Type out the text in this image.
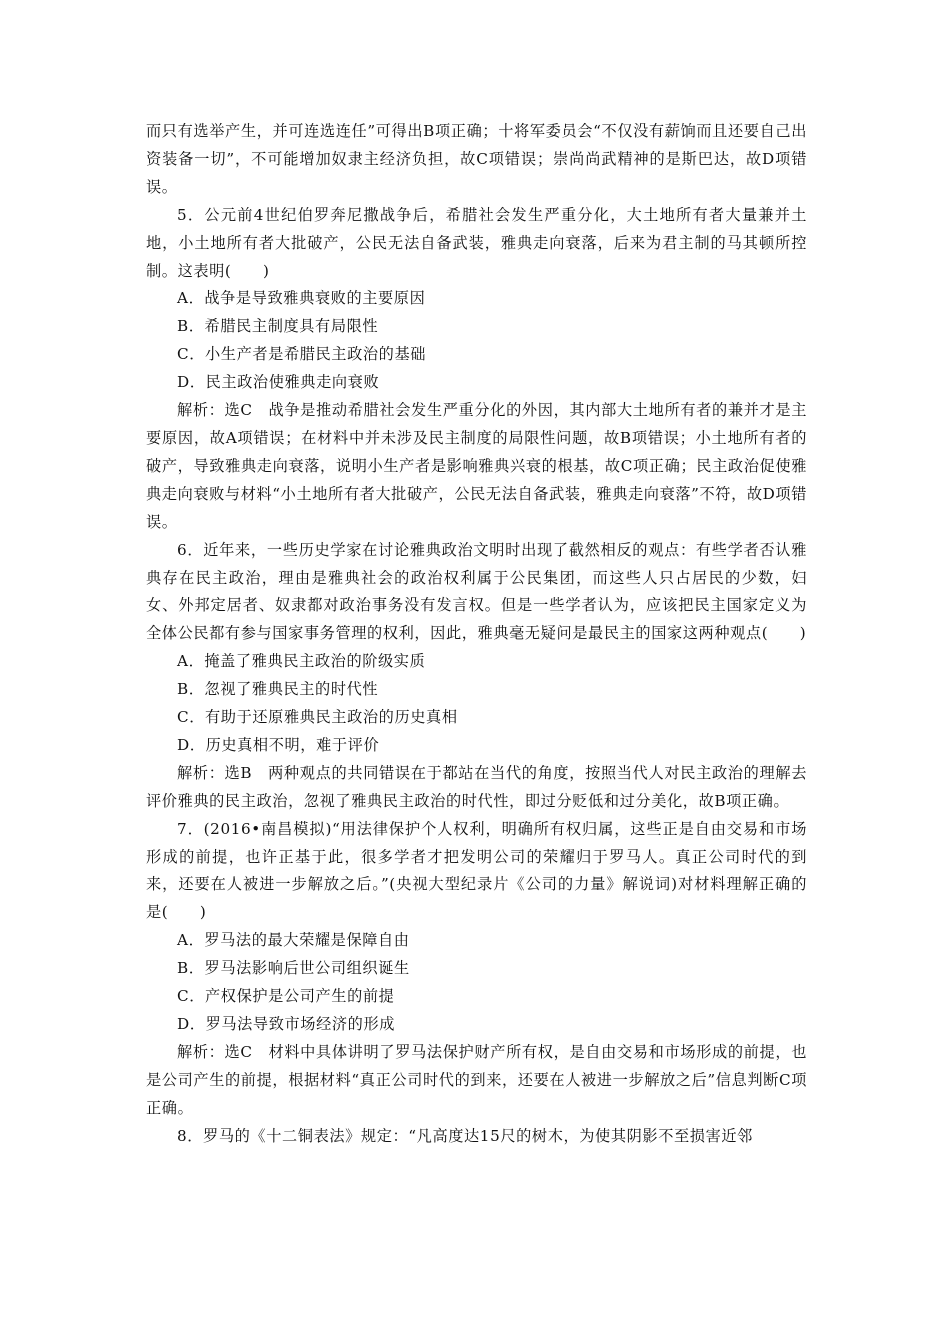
而只有选举产生，并可连选连任”可得出B项正确；十将军委员会“不仅没有薪饷而且还要自己出资装备一切”，不可能增加奴隶主经济负担，故C项错误；崇尚尚武精神的是斯巴达，故D项错误。

5．公元前4世纪伯罗奔尼撒战争后，希腊社会发生严重分化，大土地所有者大量兼并土地，小土地所有者大批破产，公民无法自备武装，雅典走向衰落，后来为君主制的马其顿所控制。这表明(　　)

A．战争是导致雅典衰败的主要原因

B．希腊民主制度具有局限性

C．小生产者是希腊民主政治的基础

D．民主政治使雅典走向衰败

解析：选C　战争是推动希腊社会发生严重分化的外因，其内部大土地所有者的兼并才是主要原因，故A项错误；在材料中并未涉及民主制度的局限性问题，故B项错误；小土地所有者的破产，导致雅典走向衰落，说明小生产者是影响雅典兴衰的根基，故C项正确；民主政治促使雅典走向衰败与材料“小土地所有者大批破产，公民无法自备武装，雅典走向衰落”不符，故D项错误。

6．近年来，一些历史学家在讨论雅典政治文明时出现了截然相反的观点：有些学者否认雅典存在民主政治，理由是雅典社会的政治权利属于公民集团，而这些人只占居民的少数，妇女、外邦定居者、奴隶都对政治事务没有发言权。但是一些学者认为，应该把民主国家定义为全体公民都有参与国家事务管理的权利，因此，雅典毫无疑问是最民主的国家这两种观点(　　)

A．掩盖了雅典民主政治的阶级实质

B．忽视了雅典民主的时代性

C．有助于还原雅典民主政治的历史真相

D．历史真相不明，难于评价

解析：选B　两种观点的共同错误在于都站在当代的角度，按照当代人对民主政治的理解去评价雅典的民主政治，忽视了雅典民主政治的时代性，即过分贬低和过分美化，故B项正确。

7．(2016•南昌模拟)“用法律保护个人权利，明确所有权归属，这些正是自由交易和市场形成的前提，也许正基于此，很多学者才把发明公司的荣耀归于罗马人。真正公司时代的到来，还要在人被进一步解放之后。”(央视大型纪录片《公司的力量》解说词)对材料理解正确的是(　　)

A．罗马法的最大荣耀是保障自由

B．罗马法影响后世公司组织诞生

C．产权保护是公司产生的前提

D．罗马法导致市场经济的形成

解析：选C　材料中具体讲明了罗马法保护财产所有权，是自由交易和市场形成的前提，也是公司产生的前提，根据材料“真正公司时代的到来，还要在人被进一步解放之后”信息判断C项正确。

8．罗马的《十二铜表法》规定：“凡高度达15尺的树木，为使其阴影不至损害近邻
